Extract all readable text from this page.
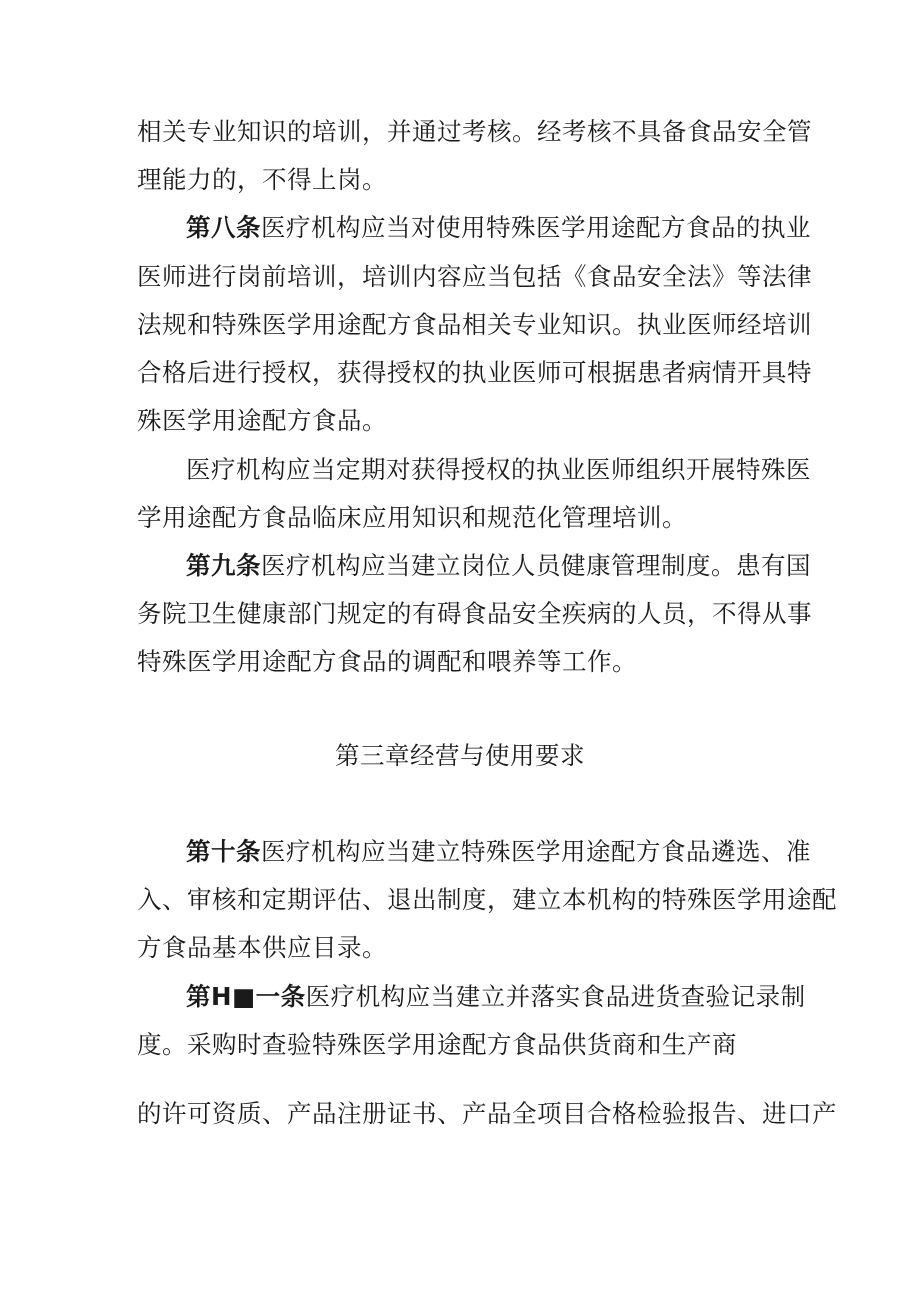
相关专业知识的培训，并通过考核。经考核不具备食品安全管
理能力的，不得上岗。
第八条医疗机构应当对使用特殊医学用途配方食品的执业
医师进行岗前培训，培训内容应当包括《食品安全法》等法律
法规和特殊医学用途配方食品相关专业知识。执业医师经培训
合格后进行授权，获得授权的执业医师可根据患者病情开具特
殊医学用途配方食品。
医疗机构应当定期对获得授权的执业医师组织开展特殊医
学用途配方食品临床应用知识和规范化管理培训。
第九条医疗机构应当建立岗位人员健康管理制度。患有国
务院卫生健康部门规定的有碍食品安全疾病的人员，不得从事
特殊医学用途配方食品的调配和喂养等工作。
第三章经营与使用要求
第十条医疗机构应当建立特殊医学用途配方食品遴选、准
入、审核和定期评估、退出制度，建立本机构的特殊医学用途配
方食品基本供应目录。
第H■一条医疗机构应当建立并落实食品进货查验记录制
度。采购时查验特殊医学用途配方食品供货商和生产商
的许可资质、产品注册证书、产品全项目合格检验报告、进口产
